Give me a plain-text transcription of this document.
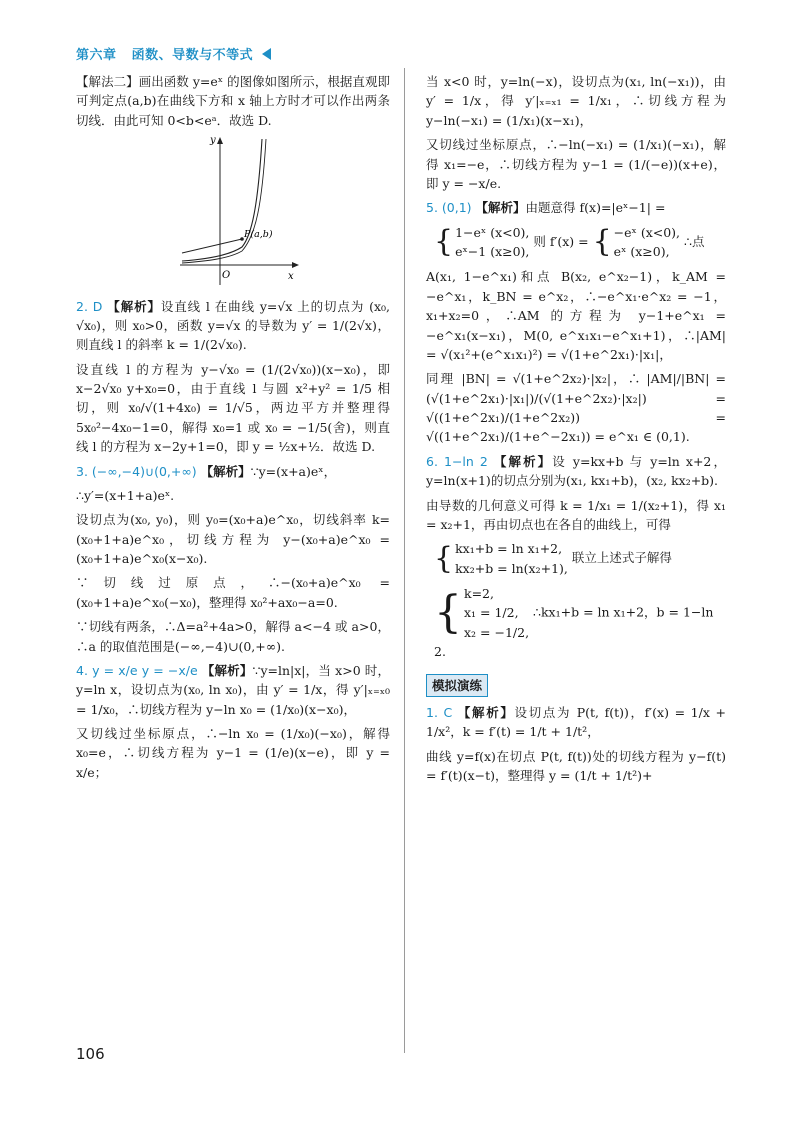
第六章 函数、导数与不等式

【解法二】画出函数 y=eˣ 的图像如图所示，根据直观即可判定点(a,b)在曲线下方和 x 轴上方时才可以作出两条切线．由此可知 0<b<eᵃ．故选 D.

y
x
O
P(a,b)

2. D 【解析】设直线 l 在曲线 y=√x 上的切点为 (x₀, √x₀)，则 x₀>0，函数 y=√x 的导数为 y′ = 1/(2√x)，则直线 l 的斜率 k = 1/(2√x₀).

设直线 l 的方程为 y−√x₀ = (1/(2√x₀))(x−x₀)，即 x−2√x₀ y+x₀=0，由于直线 l 与圆 x²+y² = 1/5 相切，则 x₀/√(1+4x₀) = 1/√5，两边平方并整理得 5x₀²−4x₀−1=0，解得 x₀=1 或 x₀ = −1/5(舍)，则直线 l 的方程为 x−2y+1=0，即 y = ½x+½．故选 D.

3. (−∞,−4)∪(0,+∞) 【解析】∵y=(x+a)eˣ，

∴y′=(x+1+a)eˣ.

设切点为(x₀, y₀)，则 y₀=(x₀+a)e^x₀，切线斜率 k=(x₀+1+a)e^x₀，切线方程为 y−(x₀+a)e^x₀ = (x₀+1+a)e^x₀(x−x₀).

∵切线过原点，∴−(x₀+a)e^x₀ = (x₀+1+a)e^x₀(−x₀)，整理得 x₀²+ax₀−a=0.

∵切线有两条，∴Δ=a²+4a>0，解得 a<−4 或 a>0，∴a 的取值范围是(−∞,−4)∪(0,+∞).

4. y = x/e y = −x/e 【解析】∵y=ln|x|，当 x>0 时，y=ln x，设切点为(x₀, ln x₀)，由 y′ = 1/x，得 y′|ₓ₌ₓ₀ = 1/x₀，∴切线方程为 y−ln x₀ = (1/x₀)(x−x₀)，

又切线过坐标原点，∴−ln x₀ = (1/x₀)(−x₀)，解得 x₀=e，∴切线方程为 y−1 = (1/e)(x−e)，即 y = x/e；

当 x<0 时，y=ln(−x)，设切点为(x₁, ln(−x₁))，由 y′ = 1/x，得 y′|ₓ₌ₓ₁ = 1/x₁，∴切线方程为 y−ln(−x₁) = (1/x₁)(x−x₁)，

又切线过坐标原点，∴−ln(−x₁) = (1/x₁)(−x₁)，解得 x₁=−e，∴切线方程为 y−1 = (1/(−e))(x+e)，即 y = −x/e.

5. (0,1) 【解析】由题意得 f(x)=|eˣ−1| =

{ 1−eˣ (x<0),
eˣ−1 (x≥0),
则 f′(x) = { −eˣ (x<0),
eˣ (x≥0),
∴点

A(x₁, 1−e^x₁)和点 B(x₂, e^x₂−1)，k_AM = −e^x₁，k_BN = e^x₂，∴−e^x₁·e^x₂ = −1，x₁+x₂=0，∴AM 的方程为 y−1+e^x₁ = −e^x₁(x−x₁)，M(0, e^x₁x₁−e^x₁+1)，∴|AM| = √(x₁²+(e^x₁x₁)²) = √(1+e^2x₁)·|x₁|，

同理 |BN| = √(1+e^2x₂)·|x₂|，∴ |AM|/|BN| = (√(1+e^2x₁)·|x₁|)/(√(1+e^2x₂)·|x₂|) = √((1+e^2x₁)/(1+e^2x₂)) = √((1+e^2x₁)/(1+e^−2x₁)) = e^x₁ ∈ (0,1).

6. 1−ln 2 【解析】设 y=kx+b 与 y=ln x+2，y=ln(x+1)的切点分别为(x₁, kx₁+b)，(x₂, kx₂+b).

由导数的几何意义可得 k = 1/x₁ = 1/(x₂+1)，得 x₁ = x₂+1，再由切点也在各自的曲线上，可得

{ kx₁+b = ln x₁+2,
kx₂+b = ln(x₂+1),
联立上述式子解得
{ k=2,
x₁ = 1/2,
x₂ = −1/2,
∴kx₁+b = ln x₁+2，b = 1−ln 2.
模拟演练

1. C 【解析】设切点为 P(t, f(t))，f′(x) = 1/x + 1/x²，k = f′(t) = 1/t + 1/t²，

曲线 y=f(x)在切点 P(t, f(t))处的切线方程为 y−f(t) = f′(t)(x−t)，整理得 y = (1/t + 1/t²)+

106
